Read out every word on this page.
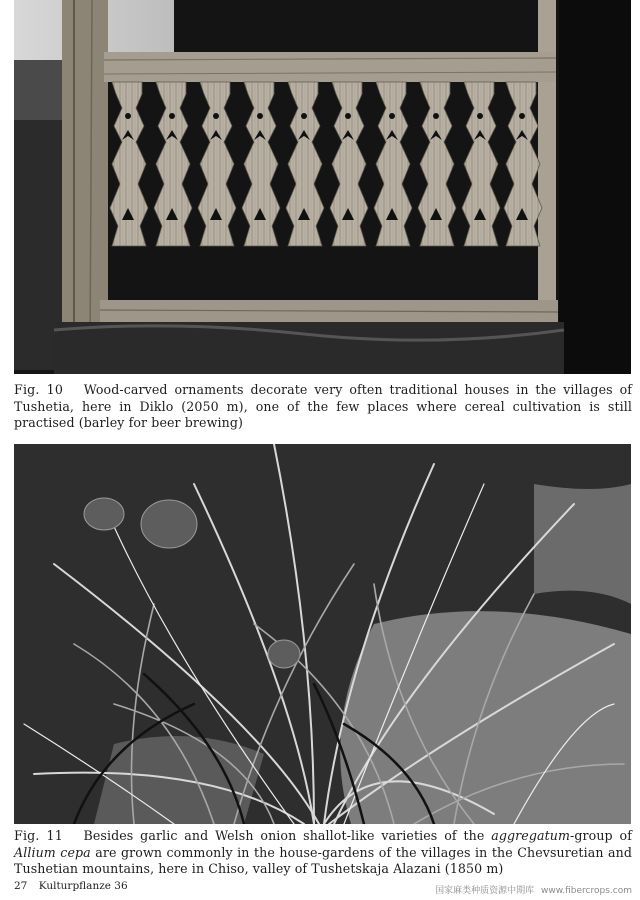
Fig. 10 Wood-carved ornaments decorate very often traditional houses in the villages of Tushetia, here in Diklo (2050 m), one of the few places where cereal cultivation is still practised (barley for beer brewing)
Fig. 11 Besides garlic and Welsh onion shallot-like varieties of the aggregatum-group of Allium cepa are grown commonly in the house-gardens of the villages in the Chevsuretian and Tushetian mountains, here in Chiso, valley of Tushetskaja Alazani (1850 m)
27 Kulturpflanze 36	国家麻类种质资源中期库 www.fibercrops.com
